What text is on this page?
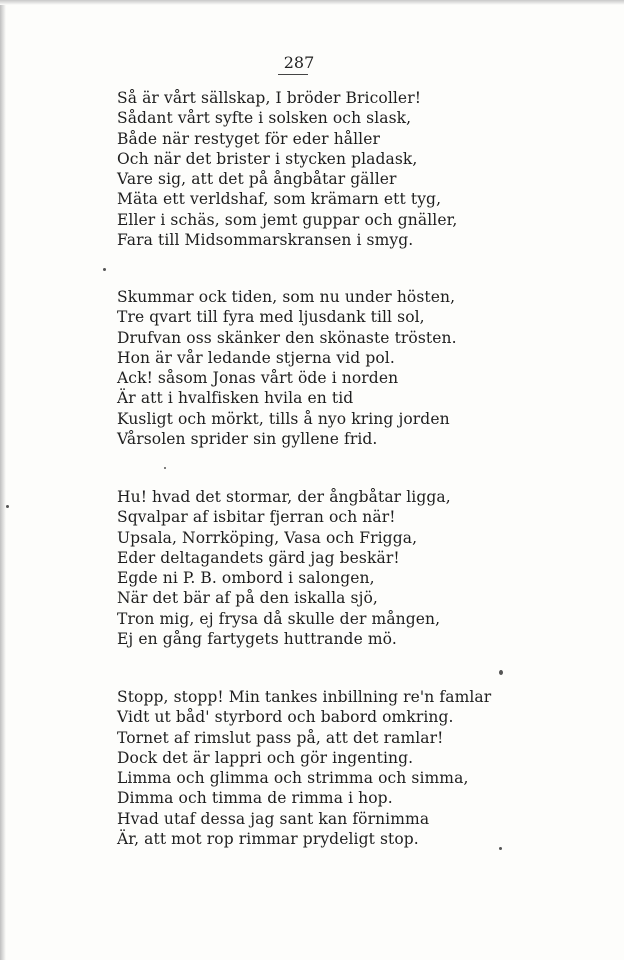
287
Så är vårt sällskap, I bröder Bricoller!
Sådant vårt syfte i solsken och slask,
Både när restyget för eder håller
Och när det brister i stycken pladask,
Vare sig, att det på ångbåtar gäller
Mäta ett verldshaf, som krämarn ett tyg,
Eller i schäs, som jemt guppar och gnäller,
Fara till Midsommarskransen i smyg.
Skummar ock tiden, som nu under hösten,
Tre qvart till fyra med ljusdank till sol,
Drufvan oss skänker den skönaste trösten.
Hon är vår ledande stjerna vid pol.
Ack! såsom Jonas vårt öde i norden
Är att i hvalfisken hvila en tid
Kusligt och mörkt, tills å nyo kring jorden
Vårsolen sprider sin gyllene frid.
Hu! hvad det stormar, der ångbåtar ligga,
Sqvalpar af isbitar fjerran och när!
Upsala, Norrköping, Vasa och Frigga,
Eder deltagandets gärd jag beskär!
Egde ni P. B. ombord i salongen,
När det bär af på den iskalla sjö,
Tron mig, ej frysa då skulle der mången,
Ej en gång fartygets huttrande mö.
Stopp, stopp! Min tankes inbillning re'n famlar
Vidt ut båd' styrbord och babord omkring.
Tornet af rimslut pass på, att det ramlar!
Dock det är lappri och gör ingenting.
Limma och glimma och strimma och simma,
Dimma och timma de rimma i hop.
Hvad utaf dessa jag sant kan förnimma
Är, att mot rop rimmar prydeligt stop.
